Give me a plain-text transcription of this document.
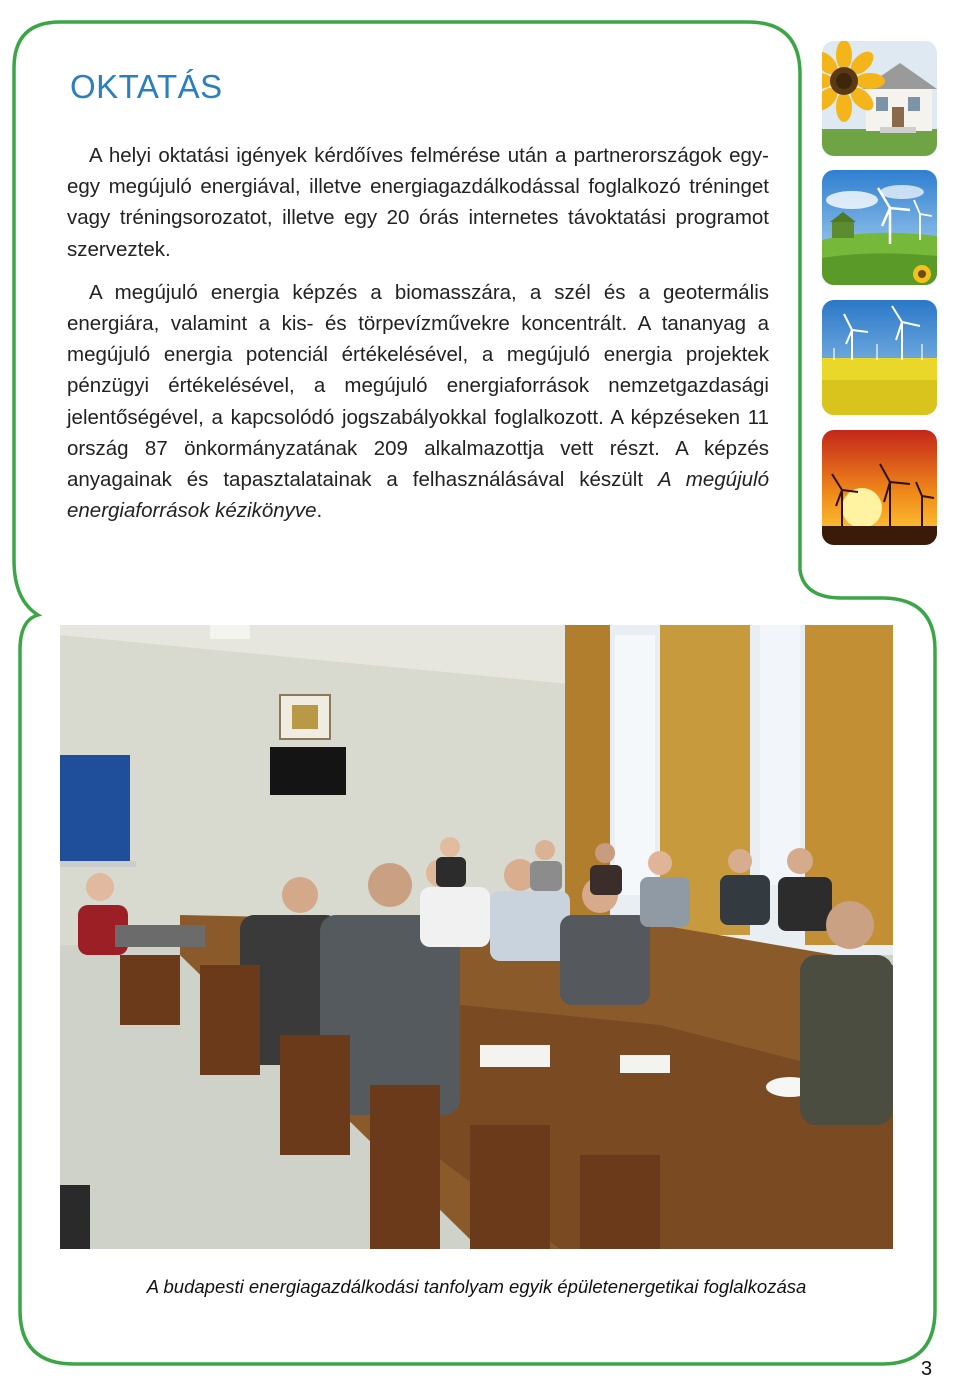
OKTATÁS

A helyi oktatási igények kérdőíves felmérése után a partnerországok egy-egy megújuló energiával, illetve energiagazdálkodással foglalkozó tréninget vagy tréningsorozatot, illetve egy 20 órás internetes távoktatási programot szerveztek.

A megújuló energia képzés a biomasszára, a szél és a geotermális energiára, valamint a kis- és törpevízművekre koncentrált. A tananyag a megújuló energia potenciál értékelésével, a megújuló energia projektek pénzügyi értékelésével, a megújuló energiaforrások nemzetgazdasági jelentőségével, a kapcsolódó jogszabályokkal foglalkozott. A képzéseken 11 ország 87 önkormányzatának 209 alkalmazottja vett részt. A képzés anyagainak és tapasztalatainak a felhasználásával készült A megújuló energiaforrások kézikönyve.

A budapesti energiagazdálkodási tanfolyam egyik épületenergetikai foglalkozása
3
